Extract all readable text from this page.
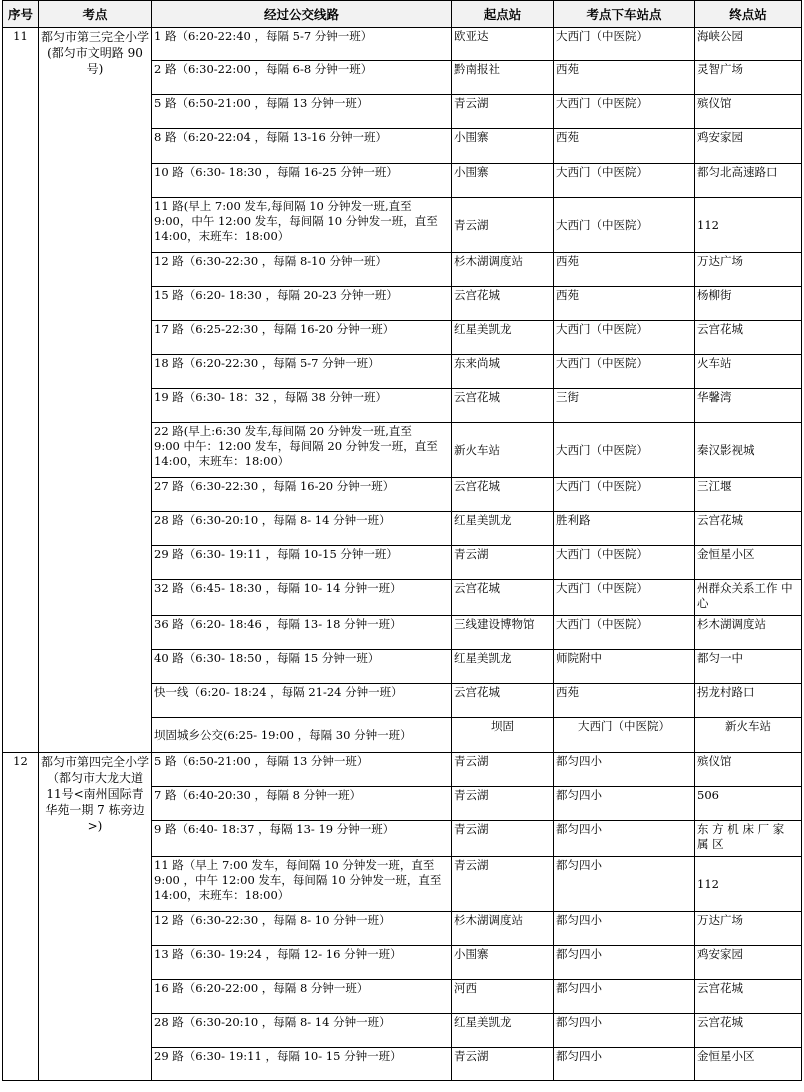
序号	考点	经过公交线路	起点站	考点下车站点	终点站
11	都匀市第三完全小学(都匀市文明路 90号)	1 路（6:20-22:40 ，每隔 5-7 分钟一班）	欧亚达	大西门（中医院）	海峡公园
		2 路（6:30-22:00 ，每隔 6-8 分钟一班）	黔南报社	西苑	灵智广场
		5 路（6:50-21:00 ，每隔 13 分钟一班）	青云湖	大西门（中医院）	殡仪馆
		8 路（6:20-22:04 ，每隔 13-16 分钟一班）	小围寨	西苑	鸡安家园
		10 路（6:30- 18:30 ，每隔 16-25 分钟一班）	小围寨	大西门（中医院）	都匀北高速路口
		11 路(早上 7:00 发车,每间隔 10 分钟发一班,直至　9:00，中午 12:00 发车，每间隔 10 分钟发一班，直至 14:00，末班车：18:00）	青云湖	大西门（中医院）	112
		12 路（6:30-22:30 ，每隔 8-10 分钟一班）	杉木湖调度站	西苑	万达广场
		15 路（6:20- 18:30 ，每隔 20-23 分钟一班）	云宫花城	西苑	杨柳街
		17 路（6:25-22:30 ，每隔 16-20 分钟一班）	红星美凯龙	大西门（中医院）	云宫花城
		18 路（6:20-22:30 ，每隔 5-7 分钟一班）	东来尚城	大西门（中医院）	火车站
		19 路（6:30- 18：32 ，每隔 38 分钟一班）	云宫花城	三街	华馨湾
		22 路(早上:6:30 发车,每间隔 20 分钟发一班,直至　9:00 中午：12:00 发车，每间隔 20 分钟发一班，直至 14:00，末班车：18:00）	新火车站	大西门（中医院）	秦汉影视城
		27 路（6:30-22:30 ，每隔 16-20 分钟一班）	云宫花城	大西门（中医院）	三江堰
		28 路（6:30-20:10 ，每隔 8- 14 分钟一班）	红星美凯龙	胜利路	云宫花城
		29 路（6:30- 19:11 ，每隔 10-15 分钟一班）	青云湖	大西门（中医院）	金恒星小区
		32 路（6:45- 18:30 ，每隔 10- 14 分钟一班）	云宫花城	大西门（中医院）	州群众关系工作 中心
		36 路（6:20- 18:46 ，每隔 13- 18 分钟一班）	三线建设博物馆	大西门（中医院）	杉木湖调度站
		40 路（6:30- 18:50 ，每隔 15 分钟一班）	红星美凯龙	师院附中	都匀一中
		快一线（6:20- 18:24 ，每隔 21-24 分钟一班）	云宫花城	西苑	拐龙村路口
		坝固城乡公交(6:25- 19:00 ，每隔 30 分钟一班）	坝固	大西门（中医院）	新火车站
12	都匀市第四完全小学（都匀市大龙大道 11号<南州国际青华苑一期 7 栋旁边>)	5 路（6:50-21:00 ，每隔 13 分钟一班）	青云湖	都匀四小	殡仪馆
		7 路（6:40-20:30 ，每隔 8 分钟一班）	青云湖	都匀四小	506
		9 路（6:40- 18:37 ，每隔 13- 19 分钟一班）	青云湖	都匀四小	东 方 机 床 厂 家 属 区
		11 路（早上 7:00 发车，每间隔 10 分钟发一班，直至 9:00 ，中午 12:00 发车，每间隔 10 分钟发一班，直至 14:00，末班车：18:00）	青云湖	都匀四小	112
		12 路（6:30-22:30 ，每隔 8- 10 分钟一班）	杉木湖调度站	都匀四小	万达广场
		13 路（6:30- 19:24 ，每隔 12- 16 分钟一班）	小围寨	都匀四小	鸡安家园
		16 路（6:20-22:00 ，每隔 8 分钟一班）	河西	都匀四小	云宫花城
		28 路（6:30-20:10 ，每隔 8- 14 分钟一班）	红星美凯龙	都匀四小	云宫花城
		29 路（6:30- 19:11 ，每隔 10- 15 分钟一班）	青云湖	都匀四小	金恒星小区
